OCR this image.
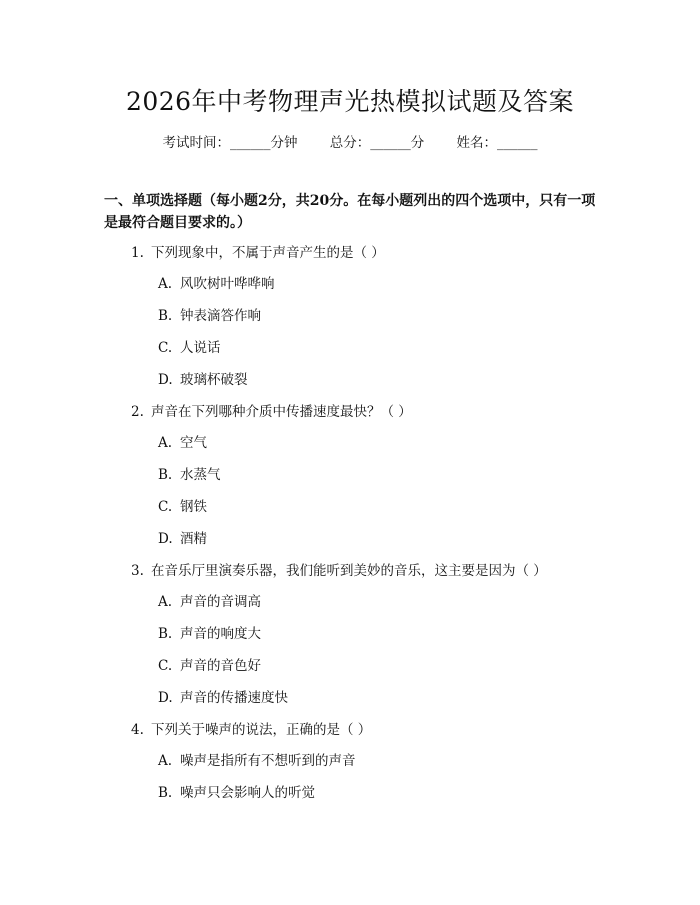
2026年中考物理声光热模拟试题及答案
考试时间：______分钟 总分：______分 姓名：______
一、单项选择题（每小题2分，共20分。在每小题列出的四个选项中，只有一项是最符合题目要求的。）
1. 下列现象中，不属于声音产生的是（ ）
A. 风吹树叶哗哗响
B. 钟表滴答作响
C. 人说话
D. 玻璃杯破裂
2. 声音在下列哪种介质中传播速度最快？（ ）
A. 空气
B. 水蒸气
C. 钢铁
D. 酒精
3. 在音乐厅里演奏乐器，我们能听到美妙的音乐，这主要是因为（ ）
A. 声音的音调高
B. 声音的响度大
C. 声音的音色好
D. 声音的传播速度快
4. 下列关于噪声的说法，正确的是（ ）
A. 噪声是指所有不想听到的声音
B. 噪声只会影响人的听觉
